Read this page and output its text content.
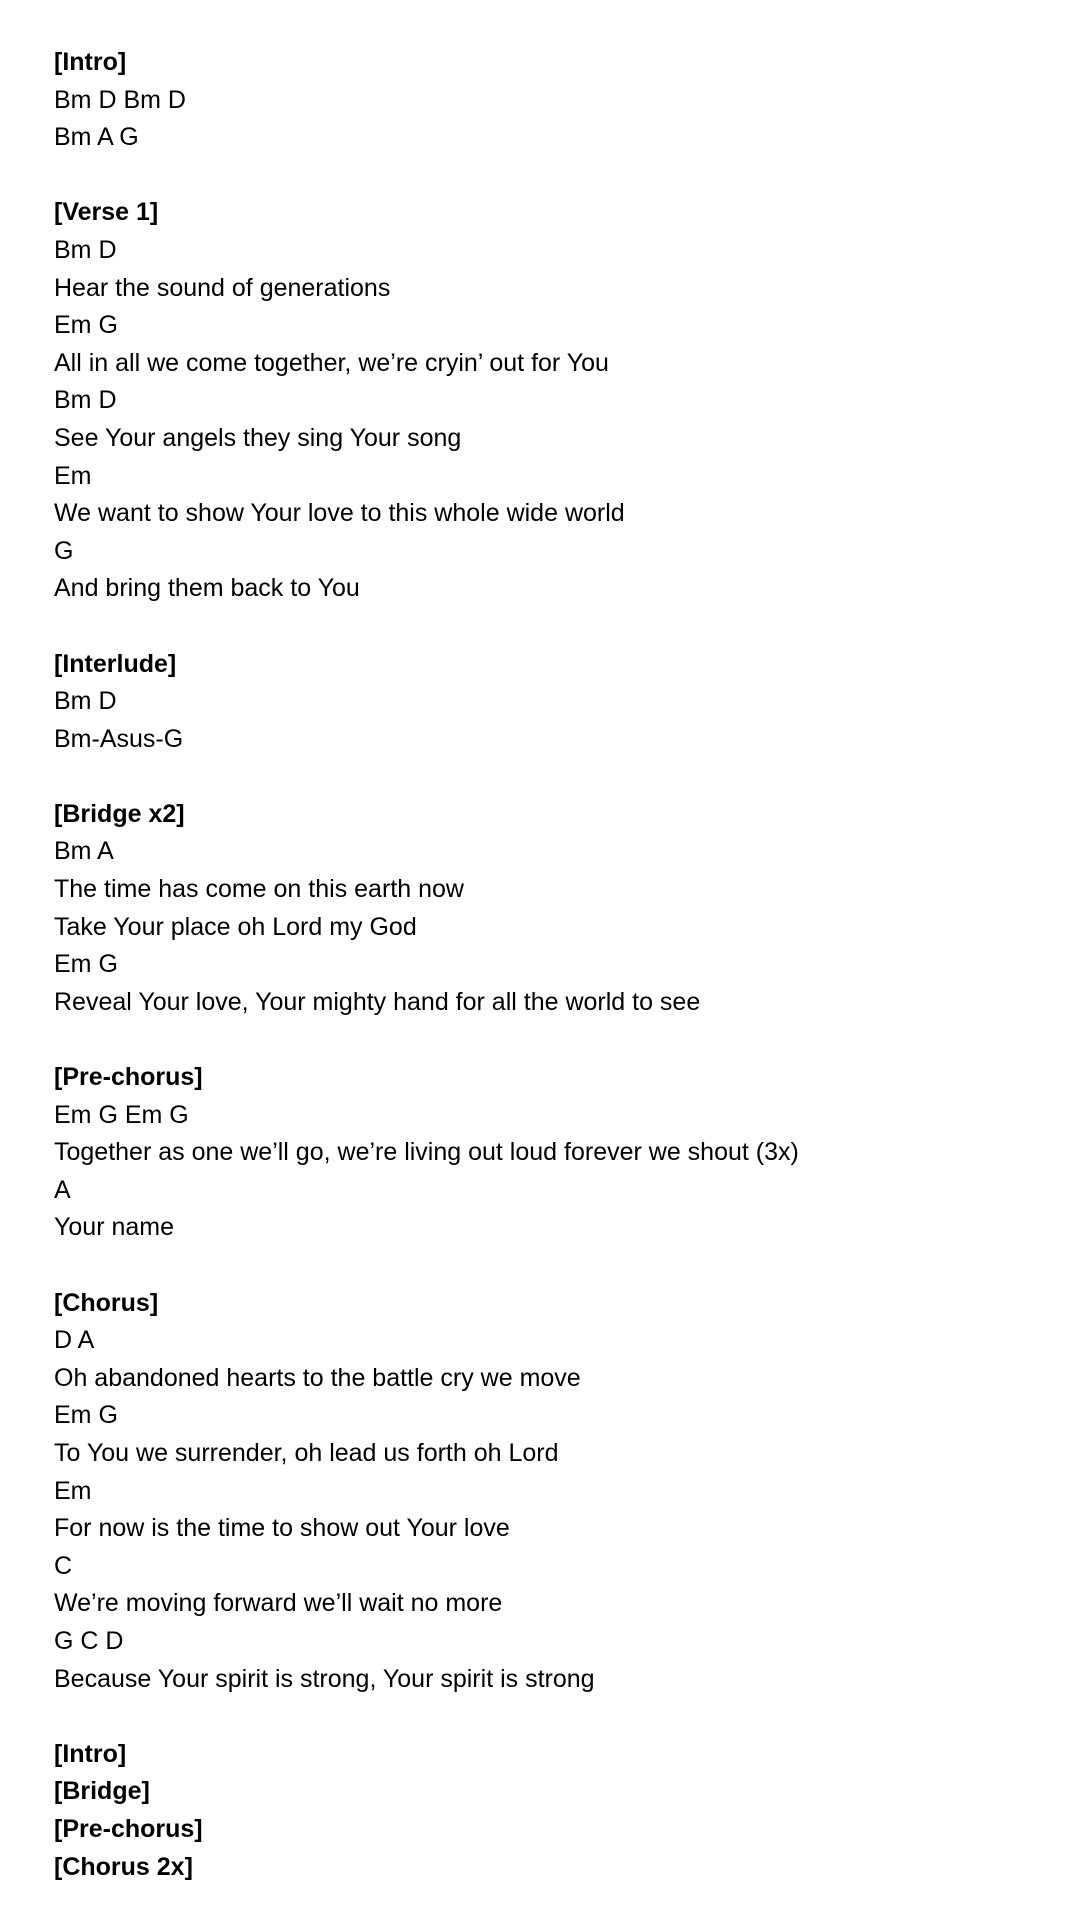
[Intro]
Bm D Bm D
Bm A G
[Verse 1]
Bm D
Hear the sound of generations
Em G
All in all we come together, we’re cryin’ out for You
Bm D
See Your angels they sing Your song
Em
We want to show Your love to this whole wide world
G
And bring them back to You
[Interlude]
Bm D
Bm-Asus-G
[Bridge x2]
Bm A
The time has come on this earth now
Take Your place oh Lord my God
Em G
Reveal Your love, Your mighty hand for all the world to see
[Pre-chorus]
Em G Em G
Together as one we’ll go, we’re living out loud forever we shout (3x)
A
Your name
[Chorus]
D A
Oh abandoned hearts to the battle cry we move
Em G
To You we surrender, oh lead us forth oh Lord
Em
For now is the time to show out Your love
C
We’re moving forward we’ll wait no more
G C D
Because Your spirit is strong, Your spirit is strong
[Intro]
[Bridge]
[Pre-chorus]
[Chorus 2x]
